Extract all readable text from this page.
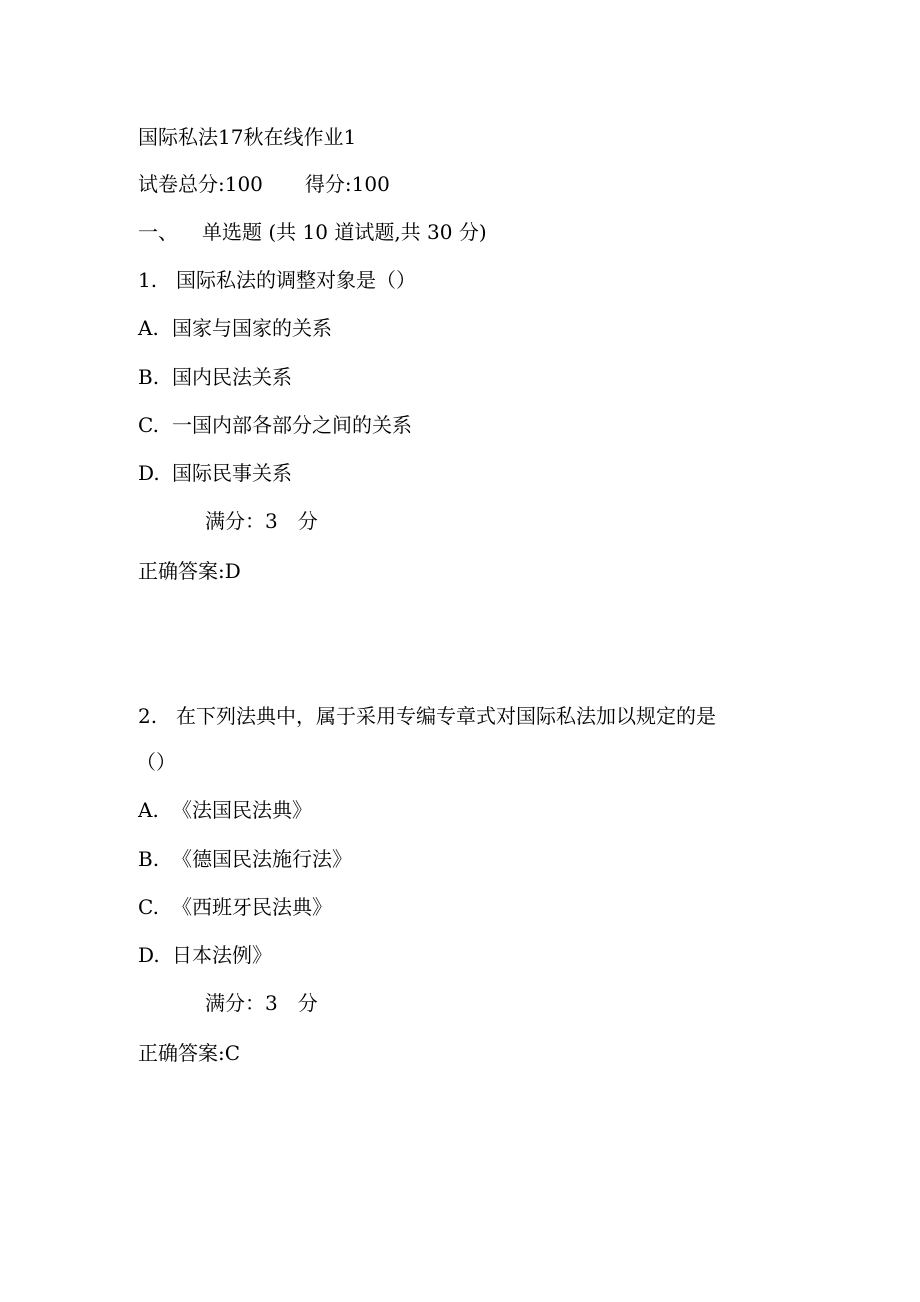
国际私法17秋在线作业1
试卷总分:100 得分:100
一、 单选题 (共 10 道试题,共 30 分)
1. 国际私法的调整对象是（）
A. 国家与国家的关系
B. 国内民法关系
C. 一国内部各部分之间的关系
D. 国际民事关系
满分：3　分
正确答案:D
2. 在下列法典中，属于采用专编专章式对国际私法加以规定的是
（）
A. 《法国民法典》
B. 《德国民法施行法》
C. 《西班牙民法典》
D. 日本法例》
满分：3　分
正确答案:C
